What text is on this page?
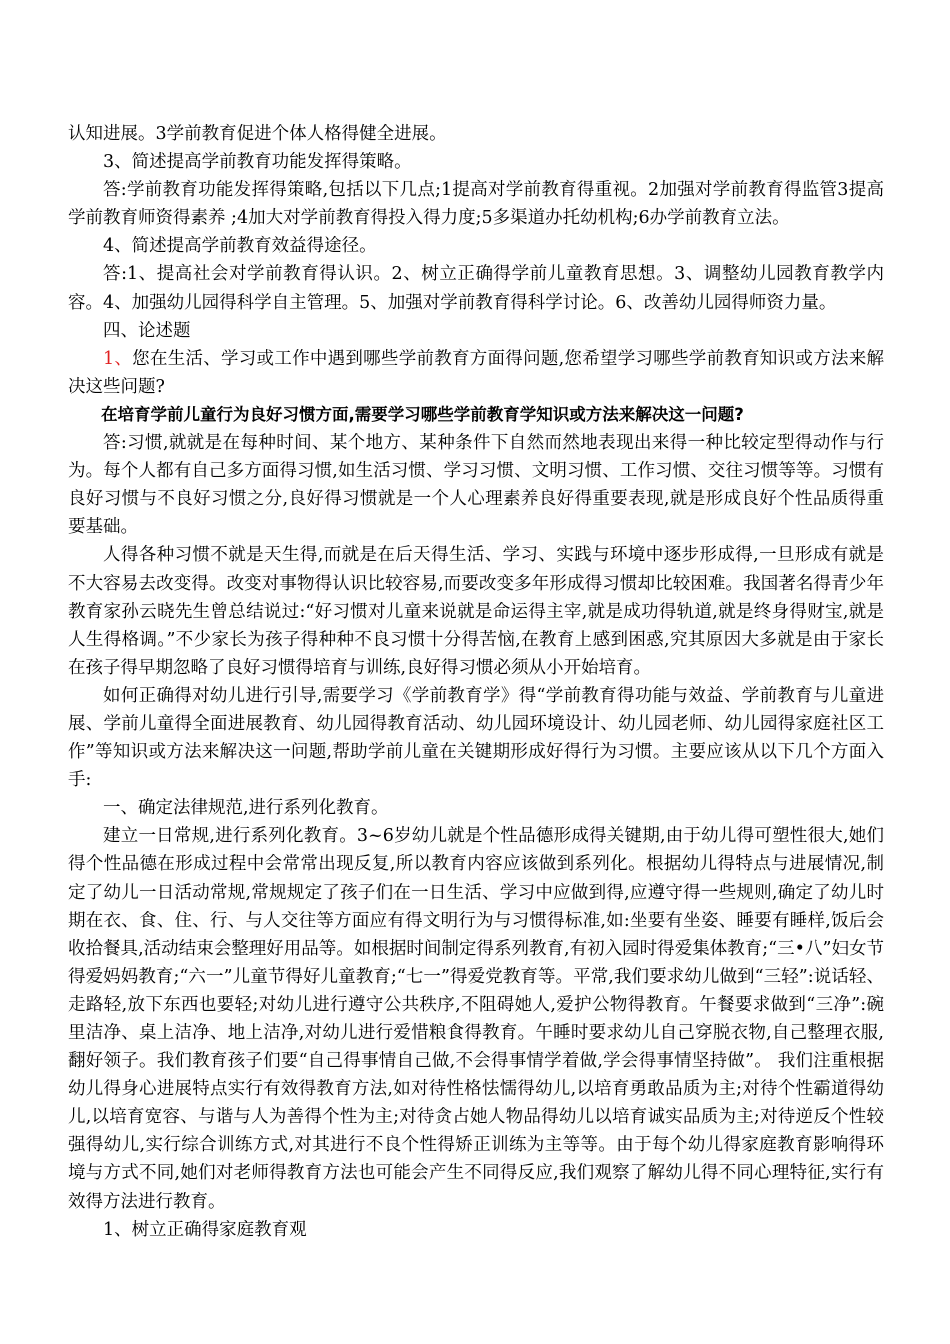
认知进展。3学前教育促进个体人格得健全进展。

3、简述提高学前教育功能发挥得策略。

答:学前教育功能发挥得策略,包括以下几点;1提高对学前教育得重视。2加强对学前教育得监管3提高学前教育师资得素养 ;4加大对学前教育得投入得力度;5多渠道办托幼机构;6办学前教育立法。

4、简述提高学前教育效益得途径。

答:1、提高社会对学前教育得认识。2、树立正确得学前儿童教育思想。3、调整幼儿园教育教学内容。4、加强幼儿园得科学自主管理。5、加强对学前教育得科学讨论。6、改善幼儿园得师资力量。

四、论述题

1、您在生活、学习或工作中遇到哪些学前教育方面得问题,您希望学习哪些学前教育知识或方法来解决这些问题?

在培育学前儿童行为良好习惯方面,需要学习哪些学前教育学知识或方法来解决这一问题?

答:习惯,就就是在每种时间、某个地方、某种条件下自然而然地表现出来得一种比较定型得动作与行为。每个人都有自己多方面得习惯,如生活习惯、学习习惯、文明习惯、工作习惯、交往习惯等等。习惯有良好习惯与不良好习惯之分,良好得习惯就是一个人心理素养良好得重要表现,就是形成良好个性品质得重要基础。

人得各种习惯不就是天生得,而就是在后天得生活、学习、实践与环境中逐步形成得,一旦形成有就是不大容易去改变得。改变对事物得认识比较容易,而要改变多年形成得习惯却比较困难。我国著名得青少年教育家孙云晓先生曾总结说过:“好习惯对儿童来说就是命运得主宰,就是成功得轨道,就是终身得财宝,就是人生得格调。”不少家长为孩子得种种不良习惯十分得苦恼,在教育上感到困惑,究其原因大多就是由于家长在孩子得早期忽略了良好习惯得培育与训练,良好得习惯必须从小开始培育。

如何正确得对幼儿进行引导,需要学习《学前教育学》得“学前教育得功能与效益、学前教育与儿童进展、学前儿童得全面进展教育、幼儿园得教育活动、幼儿园环境设计、幼儿园老师、幼儿园得家庭社区工作”等知识或方法来解决这一问题,帮助学前儿童在关键期形成好得行为习惯。主要应该从以下几个方面入手:

一、确定法律规范,进行系列化教育。

建立一日常规,进行系列化教育。3~6岁幼儿就是个性品德形成得关键期,由于幼儿得可塑性很大,她们得个性品德在形成过程中会常常出现反复,所以教育内容应该做到系列化。根据幼儿得特点与进展情况,制定了幼儿一日活动常规,常规规定了孩子们在一日生活、学习中应做到得,应遵守得一些规则,确定了幼儿时期在衣、食、住、行、与人交往等方面应有得文明行为与习惯得标准,如:坐要有坐姿、睡要有睡样,饭后会收拾餐具,活动结束会整理好用品等。如根据时间制定得系列教育,有初入园时得爱集体教育;“三•八”妇女节得爱妈妈教育;“六一”儿童节得好儿童教育;“七一”得爱党教育等。平常,我们要求幼儿做到“三轻”:说话轻、走路轻,放下东西也要轻;对幼儿进行遵守公共秩序,不阻碍她人,爱护公物得教育。午餐要求做到“三净”:碗里洁净、桌上洁净、地上洁净,对幼儿进行爱惜粮食得教育。午睡时要求幼儿自己穿脱衣物,自己整理衣服,翻好领子。我们教育孩子们要“自己得事情自己做,不会得事情学着做,学会得事情坚持做”。 我们注重根据幼儿得身心进展特点实行有效得教育方法,如对待性格怯懦得幼儿,以培育勇敢品质为主;对待个性霸道得幼儿,以培育宽容、与谐与人为善得个性为主;对待贪占她人物品得幼儿以培育诚实品质为主;对待逆反个性较强得幼儿,实行综合训练方式,对其进行不良个性得矫正训练为主等等。由于每个幼儿得家庭教育影响得环境与方式不同,她们对老师得教育方法也可能会产生不同得反应,我们观察了解幼儿得不同心理特征,实行有效得方法进行教育。

1、树立正确得家庭教育观
